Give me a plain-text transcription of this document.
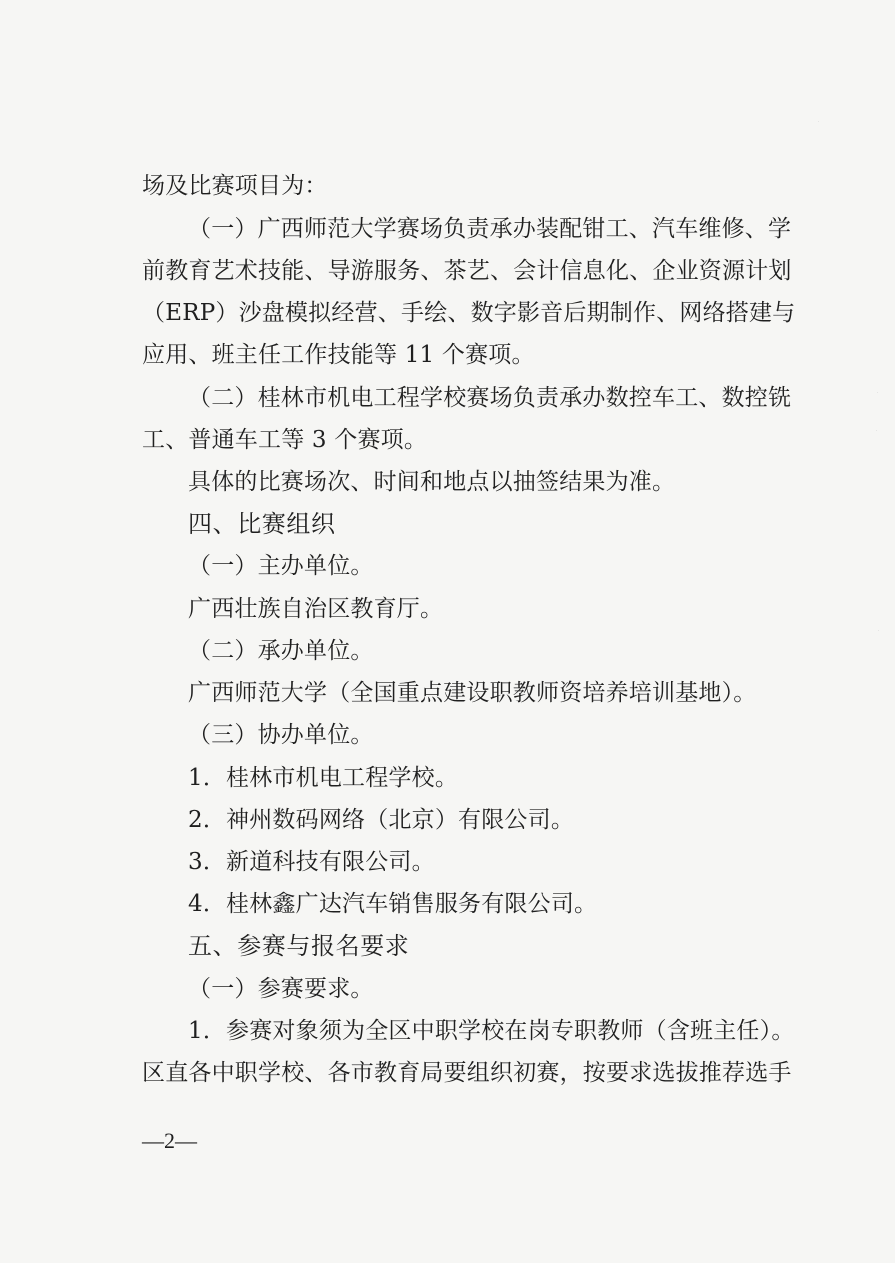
场及比赛项目为：
（一）广西师范大学赛场负责承办装配钳工、汽车维修、学
前教育艺术技能、导游服务、茶艺、会计信息化、企业资源计划
（ERP）沙盘模拟经营、手绘、数字影音后期制作、网络搭建与
应用、班主任工作技能等 11 个赛项。
（二）桂林市机电工程学校赛场负责承办数控车工、数控铣
工、普通车工等 3 个赛项。
具体的比赛场次、时间和地点以抽签结果为准。
四、比赛组织
（一）主办单位。
广西壮族自治区教育厅。
（二）承办单位。
广西师范大学（全国重点建设职教师资培养培训基地）。
（三）协办单位。
1．桂林市机电工程学校。
2．神州数码网络（北京）有限公司。
3．新道科技有限公司。
4．桂林鑫广达汽车销售服务有限公司。
五、参赛与报名要求
（一）参赛要求。
1．参赛对象须为全区中职学校在岗专职教师（含班主任）。
区直各中职学校、各市教育局要组织初赛，按要求选拔推荐选手
—2—
